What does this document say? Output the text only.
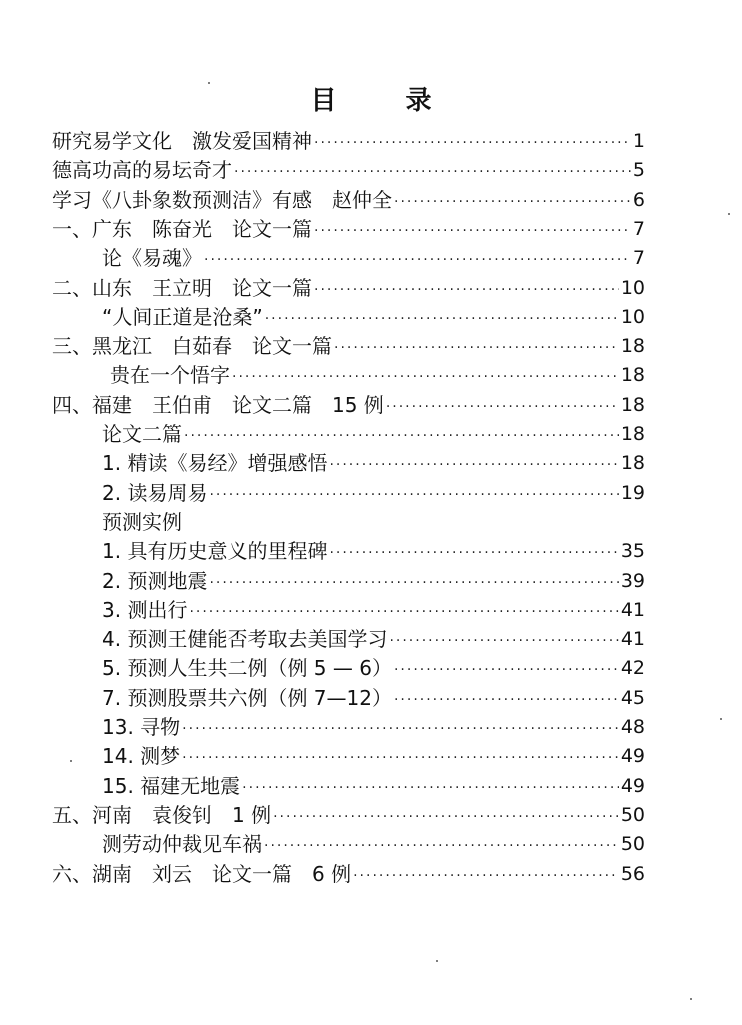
目 录
研究易学文化　激发爱国精神 ·····	1
德高功高的易坛奇才 ·····	5
学习《八卦象数预测洁》有感　赵仲全 ·····	6
一、广东　陈奋光　论文一篇 ·····	7
论《易魂》 ·····	7
二、山东　王立明　论文一篇 ·····	10
“人间正道是沧桑” ·····	10
三、黑龙江　白茹春　论文一篇 ·····	18
贵在一个悟字 ·····	18
四、福建　王伯甫　论文二篇　15 例 ·····	18
论文二篇 ·····	18
1. 精读《易经》增强感悟 ·····	18
2. 读易周易 ·····	19
预测实例
1. 具有历史意义的里程碑 ·····	35
2. 预测地震 ·····	39
3. 测出行 ·····	41
4. 预测王健能否考取去美国学习 ·····	41
5. 预测人生共二例（例 5 — 6） ·····	42
7. 预测股票共六例（例 7—12） ·····	45
13. 寻物 ·····	48
14. 测梦 ·····	49
15. 福建无地震 ·····	49
五、河南　袁俊钊　1 例 ·····	50
测劳动仲裁见车祸 ·····	50
六、湖南　刘云　论文一篇　6 例 ·····	56
